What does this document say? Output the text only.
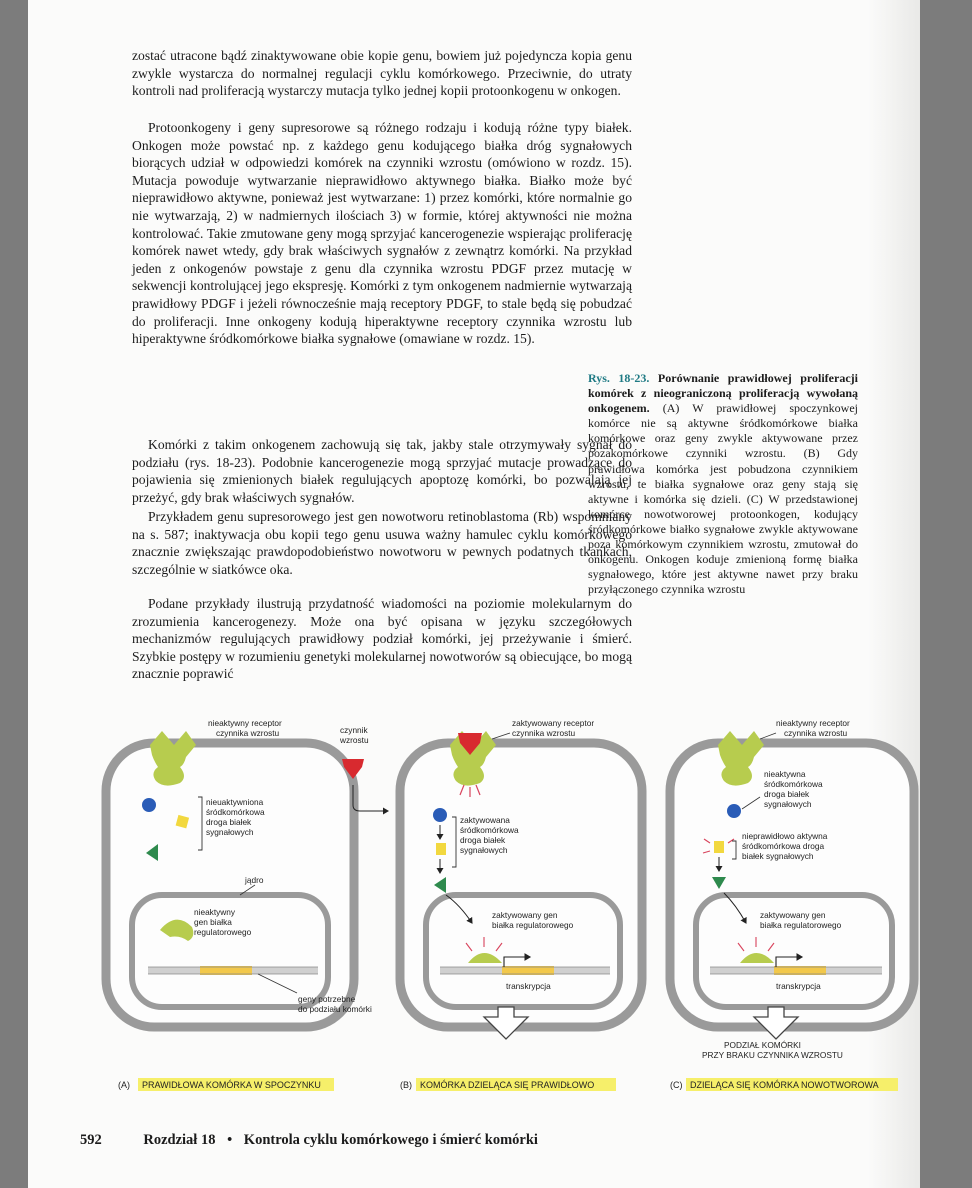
zostać utracone bądź zinaktywowane obie kopie genu, bowiem już pojedyncza kopia genu zwykle wystarcza do normalnej regulacji cyklu komórkowego. Przeciwnie, do utraty kontroli nad proliferacją wystarczy mutacja tylko jednej kopii protoonkogenu w onkogen.

Protoonkogeny i geny supresorowe są różnego rodzaju i kodują różne typy białek. Onkogen może powstać np. z każdego genu kodującego białka dróg sygnałowych biorących udział w odpowiedzi komórek na czynniki wzrostu (omówiono w rozdz. 15). Mutacja powoduje wytwarzanie nieprawidłowo aktywnego białka. Białko może być nieprawidłowo aktywne, ponieważ jest wytwarzane: 1) przez komórki, które normalnie go nie wytwarzają, 2) w nadmiernych ilościach 3) w formie, której aktywności nie można kontrolować. Takie zmutowane geny mogą sprzyjać kancerogenezie wspierając proliferację komórek nawet wtedy, gdy brak właściwych sygnałów z zewnątrz komórki. Na przykład jeden z onkogenów powstaje z genu dla czynnika wzrostu PDGF przez mutację w sekwencji kontrolującej jego ekspresję. Komórki z tym onkogenem nadmiernie wytwarzają prawidłowy PDGF i jeżeli równocześnie mają receptory PDGF, to stale będą się pobudzać do proliferacji. Inne onkogeny kodują hiperaktywne receptory czynnika wzrostu lub hiperaktywne śródkomórkowe białka sygnałowe (omawiane w rozdz. 15).

Komórki z takim onkogenem zachowują się tak, jakby stale otrzymywały sygnał do podziału (rys. 18-23). Podobnie kancerogenezie mogą sprzyjać mutacje prowadzące do pojawienia się zmienionych białek regulujących apoptozę komórki, bo pozwalają jej przeżyć, gdy brak właściwych sygnałów.

Przykładem genu supresorowego jest gen nowotworu retinoblastoma (Rb) wspomniany na s. 587; inaktywacja obu kopii tego genu usuwa ważny hamulec cyklu komórkowego znacznie zwiększając prawdopodobieństwo nowotworu w pewnych podatnych tkankach, szczególnie w siatkówce oka.

Podane przykłady ilustrują przydatność wiadomości na poziomie molekularnym do zrozumienia kancerogenezy. Może ona być opisana w języku szczegółowych mechanizmów regulujących prawidłowy podział komórki, jej przeżywanie i śmierć. Szybkie postępy w rozumieniu genetyki molekularnej nowotworów są obiecujące, bo mogą znacznie poprawić

Rys. 18-23. Porównanie prawidłowej proliferacji komórek z nieograniczoną proliferacją wywołaną onkogenem. (A) W prawidłowej spoczynkowej komórce nie są aktywne śródkomórkowe białka komórkowe oraz geny zwykle aktywowane przez pozakomórkowe czynniki wzrostu. (B) Gdy prawidłowa komórka jest pobudzona czynnikiem wzrostu, te białka sygnałowe oraz geny stają się aktywne i komórka się dzieli. (C) W przedstawionej komórce nowotworowej protoonkogen, kodujący śródkomórkowe białko sygnałowe zwykle aktywowane poza komórkowym czynnikiem wzrostu, zmutował do onkogenu. Onkogen koduje zmienioną formę białka sygnałowego, które jest aktywne nawet przy braku przyłączonego czynnika wzrostu

nieaktywny receptor
czynnika wzrostu
nieuaktywniona
śródkomórkowa
droga białek
sygnałowych
jądro
nieaktywny
gen białka
regulatorowego
geny potrzebne
do podziału komórki
czynnik
wzrostu
zaktywowany receptor
czynnika wzrostu
zaktywowana
śródkomórkowa
droga białek
sygnałowych
zaktywowany gen
białka regulatorowego
transkrypcja
nieaktywny receptor
czynnika wzrostu
nieaktywna
śródkomórkowa
droga białek
sygnałowych
nieprawidłowo aktywna
śródkomórkowa droga
białek sygnałowych
zaktywowany gen
białka regulatorowego
transkrypcja
PODZIAŁ KOMÓRKI
PRZY BRAKU CZYNNIKA WZROSTU
(A) PRAWIDŁOWA KOMÓRKA W SPOCZYNKU	(B) KOMÓRKA DZIELĄCA SIĘ PRAWIDŁOWO	(C) DZIELĄCA SIĘ KOMÓRKA NOWOTWOROWA
592	Rozdział 18 • Kontrola cyklu komórkowego i śmierć komórki
